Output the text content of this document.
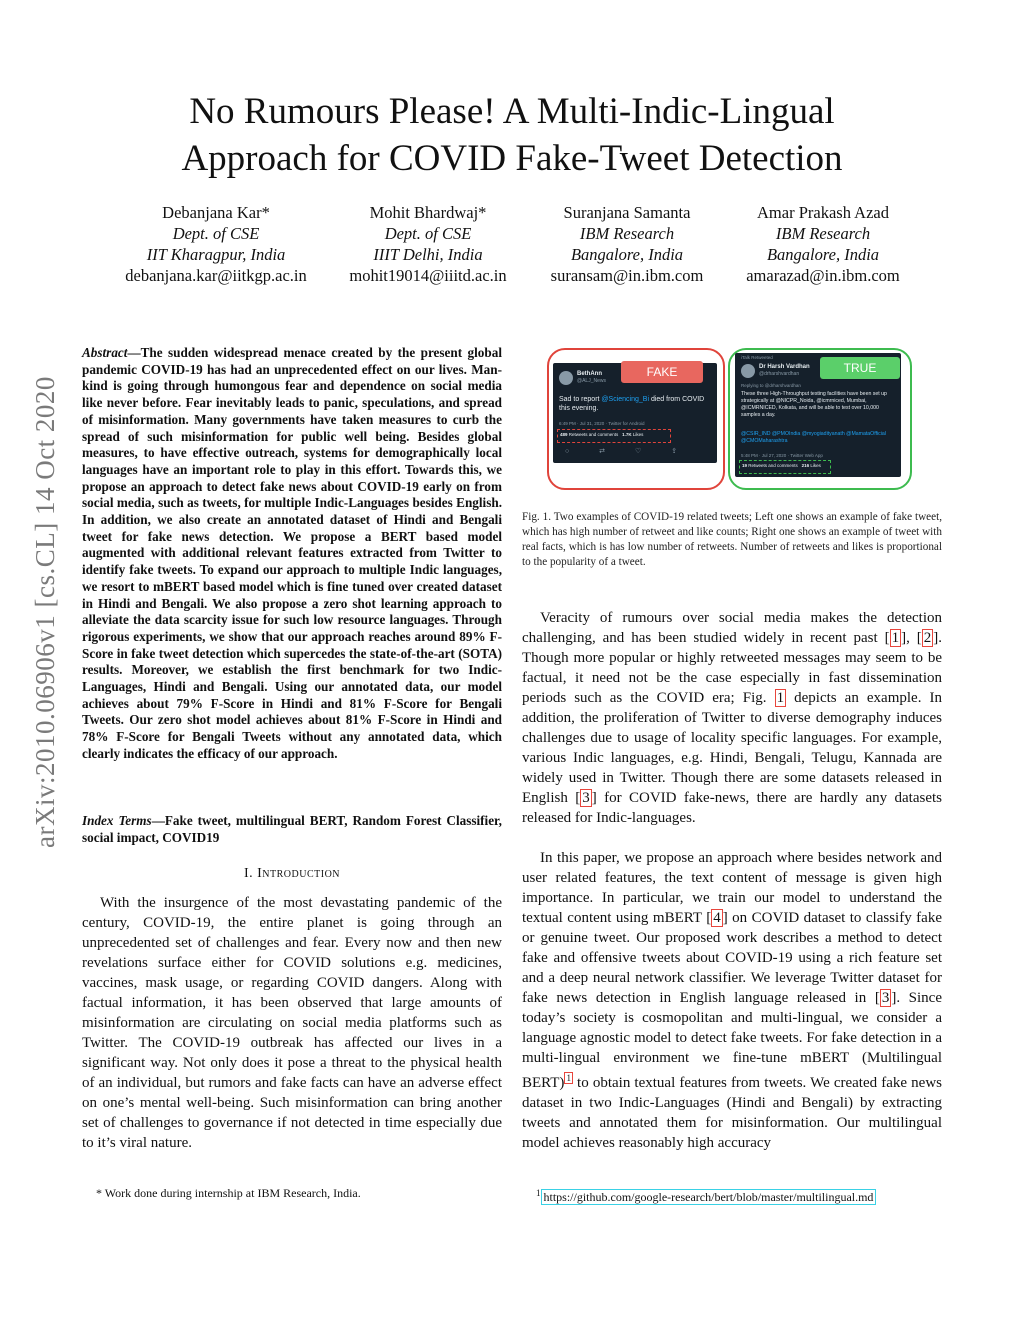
arXiv:2010.06906v1 [cs.CL] 14 Oct 2020
No Rumours Please! A Multi-Indic-Lingual
Approach for COVID Fake-Tweet Detection
Debanjana Kar*
Dept. of CSE
IIT Kharagpur, India
debanjana.kar@iitkgp.ac.in
Mohit Bhardwaj*
Dept. of CSE
IIIT Delhi, India
mohit19014@iiitd.ac.in
Suranjana Samanta
IBM Research
Bangalore, India
suransam@in.ibm.com
Amar Prakash Azad
IBM Research
Bangalore, India
amarazad@in.ibm.com
Abstract—The sudden widespread menace created by the present global pandemic COVID-19 has had an unprecedented effect on our lives. Man-kind is going through humongous fear and dependence on social media like never before. Fear inevitably leads to panic, speculations, and spread of misinformation. Many governments have taken measures to curb the spread of such misinformation for public well being. Besides global measures, to have effective outreach, systems for demographically local languages have an important role to play in this effort. Towards this, we propose an approach to detect fake news about COVID-19 early on from social media, such as tweets, for multiple Indic-Languages besides English. In addition, we also create an annotated dataset of Hindi and Bengali tweet for fake news detection. We propose a BERT based model augmented with additional relevant features extracted from Twitter to identify fake tweets. To expand our approach to multiple Indic languages, we resort to mBERT based model which is fine tuned over created dataset in Hindi and Bengali. We also propose a zero shot learning approach to alleviate the data scarcity issue for such low resource languages. Through rigorous experiments, we show that our approach reaches around 89% F-Score in fake tweet detection which supercedes the state-of-the-art (SOTA) results. Moreover, we establish the first benchmark for two Indic-Languages, Hindi and Bengali. Using our annotated data, our model achieves about 79% F-Score in Hindi and 81% F-Score for Bengali Tweets. Our zero shot model achieves about 81% F-Score in Hindi and 78% F-Score for Bengali Tweets without any annotated data, which clearly indicates the efficacy of our approach.
Index Terms—Fake tweet, multilingual BERT, Random Forest Classifier, social impact, COVID19
I. Introduction
With the insurgence of the most devastating pandemic of the century, COVID-19, the entire planet is going through an unprecedented set of challenges and fear. Every now and then new revelations surface either for COVID solutions e.g. medicines, vaccines, mask usage, or regarding COVID dangers. Along with factual information, it has been observed that large amounts of misinformation are circulating on social media platforms such as Twitter. The COVID-19 outbreak has affected our lives in a significant way. Not only does it pose a threat to the physical health of an individual, but rumors and fake facts can have an adverse effect on one’s mental well-being. Such misinformation can bring another set of challenges to governance if not detected in time especially due to it’s viral nature.
* Work done during internship at IBM Research, India.
BethAnn
@ALJ_News
Sad to report @Sciencing_Bi died from COVID this evening.
6:49 PM · Jul 31, 2020 · Twitter for Android
489 Retweets and comments 1.7K Likes
○ ⇄ ♡ ⇪
FAKE
iTalk Retweeted
Dr Harsh Vardhan
@drharshvardhan
Replying to @drharshvardhan
These three High-Throughput testing facilities have been set up strategically at @NICPR_Noida, @icmrniced, Mumbai, @ICMRNICED, Kolkata, and will be able to test over 10,000 samples a day.
@CSIR_IND @PMOIndia @myogiadityanath @MamataOfficial @CMOMaharashtra
5:48 PM · Jul 27, 2020 · Twitter Web App
19 Retweets and comments 216 Likes
TRUE
Fig. 1. Two examples of COVID-19 related tweets; Left one shows an example of fake tweet, which has high number of retweet and like counts; Right one shows an example of tweet with real facts, which is has low number of retweets. Number of retweets and likes is proportional to the popularity of a tweet.
Veracity of rumours over social media makes the detection challenging, and has been studied widely in recent past [ 1 ], [ 2 ]. Though more popular or highly retweeted messages may seem to be factual, it need not be the case especially in fast dissemination periods such as the COVID era; Fig. 1 depicts an example. In addition, the proliferation of Twitter to diverse demography induces challenges due to usage of locality specific languages. For example, various Indic languages, e.g. Hindi, Bengali, Telugu, Kannada are widely used in Twitter. Though there are some datasets released in English [ 3 ] for COVID fake-news, there are hardly any datasets released for Indic-languages.
In this paper, we propose an approach where besides network and user related features, the text content of message is given high importance. In particular, we train our model to understand the textual content using mBERT [ 4 ] on COVID dataset to classify fake or genuine tweet. Our proposed work describes a method to detect fake and offensive tweets about COVID-19 using a rich feature set and a deep neural network classifier. We leverage Twitter dataset for fake news detection in English language released in [ 3 ]. Since today’s society is cosmopolitan and multi-lingual, we consider a language agnostic model to detect fake tweets. For fake detection in a multi-lingual environment we fine-tune mBERT (Multilingual BERT) $^1$ to obtain textual features from tweets. We created fake news dataset in two Indic-Languages (Hindi and Bengali) by extracting tweets and annotated them for misinformation. Our multilingual model achieves reasonably high accuracy
$^1$ https://github.com/google-research/bert/blob/master/multilingual.md
